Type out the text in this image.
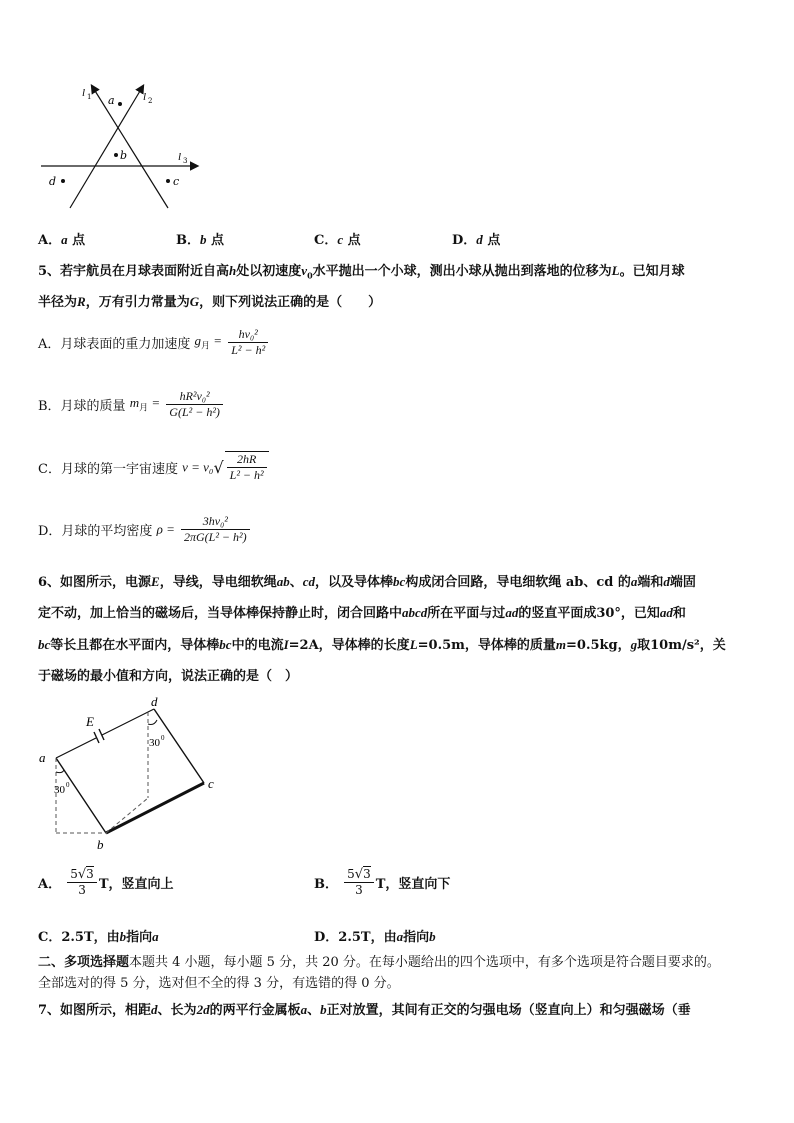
l 1	l 2
l 3
a
b
c
d
A．a 点	B．b 点	C．c 点	D．d 点
5、若宇航员在月球表面附近自高h处以初速度$v_0$水平抛出一个小球，测出小球从抛出到落地的位移为L。已知月球
半径为R，万有引力常量为G，则下列说法正确的是（　　）
A．月球表面的重力加速度 $g_月 = \frac{\text{hv₀²}}{\text{L² − h²}}$
B．月球的质量 $m_月 = \frac{\text{hR²v₀²}}{\text{G(L² − h²)}}$
C．月球的第一宇宙速度 $v = v_0√ \frac{2hR}{\text{L² − h²}}$
D．月球的平均密度 $\rho = \frac{\text{3hv₀²}}{\text{2πG(L² − h²)}}$
6、如图所示，电源E，导线，导电细软绳ab、cd，以及导体棒bc构成闭合回路，导电细软绳 ab、cd 的a端和d端固
定不动，加上恰当的磁场后，当导体棒保持静止时，闭合回路中abcd所在平面与过ad的竖直平面成30°，已知ad和
bc等长且都在水平面内，导体棒bc中的电流I=2A，导体棒的长度L=0.5m，导体棒的质量m=0.5kg，g取10m/s²，关
于磁场的最小值和方向，说法正确的是（　）
E
a
b
c
d
30 0
30 0
A． $\frac{5√3}{3}$ T，竖直向上	B． $\frac{5√3}{3}$ T，竖直向下
C．2.5T，由b指向a	D．2.5T，由a指向b
二、多项选择题本题共 4 小题，每小题 5 分，共 20 分。在每小题给出的四个选项中，有多个选项是符合题目要求的。
全部选对的得 5 分，选对但不全的得 3 分，有选错的得 0 分。
7、如图所示，相距d、长为2d的两平行金属板a、b正对放置，其间有正交的匀强电场（竖直向上）和匀强磁场（垂
